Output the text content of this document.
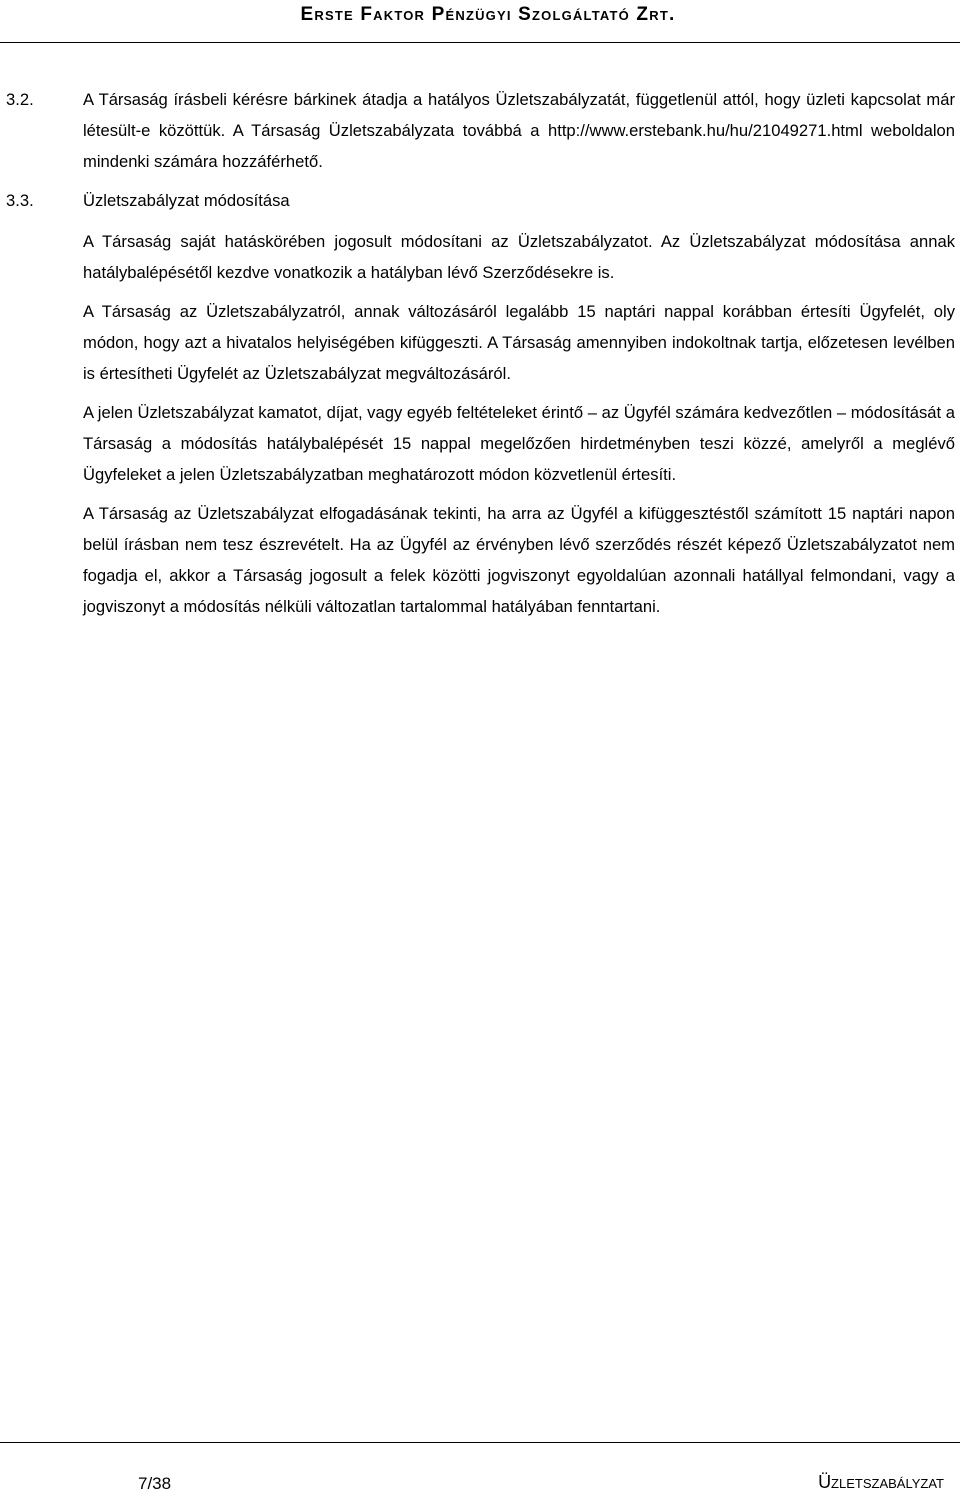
Erste Faktor Pénzügyi Szolgáltató Zrt.
3.2.	A Társaság írásbeli kérésre bárkinek átadja a hatályos Üzletszabályzatát, függetlenül attól, hogy üzleti kapcsolat már létesült-e közöttük. A Társaság Üzletszabályzata továbbá a http://www.erstebank.hu/hu/21049271.html weboldalon mindenki számára hozzáférhető.

3.3.	Üzletszabályzat módosítása

A Társaság saját hatáskörében jogosult módosítani az Üzletszabályzatot. Az Üzletszabályzat módosítása annak hatálybalépésétől kezdve vonatkozik a hatályban lévő Szerződésekre is.

A Társaság az Üzletszabályzatról, annak változásáról legalább 15 naptári nappal korábban értesíti Ügyfelét, oly módon, hogy azt a hivatalos helyiségében kifüggeszti. A Társaság amennyiben indokoltnak tartja, előzetesen levélben is értesítheti Ügyfelét az Üzletszabályzat megváltozásáról.

A jelen Üzletszabályzat kamatot, díjat, vagy egyéb feltételeket érintő – az Ügyfél számára kedvezőtlen – módosítását a Társaság a módosítás hatálybalépését 15 nappal megelőzően hirdetményben teszi közzé, amelyről a meglévő Ügyfeleket a jelen Üzletszabályzatban meghatározott módon közvetlenül értesíti.

A Társaság az Üzletszabályzat elfogadásának tekinti, ha arra az Ügyfél a kifüggesztéstől számított 15 naptári napon belül írásban nem tesz észrevételt. Ha az Ügyfél az érvényben lévő szerződés részét képező Üzletszabályzatot nem fogadja el, akkor a Társaság jogosult a felek közötti jogviszonyt egyoldalúan azonnali hatállyal felmondani, vagy a jogviszonyt a módosítás nélküli változatlan tartalommal hatályában fenntartani.

7/38	Üzletszabályzat
